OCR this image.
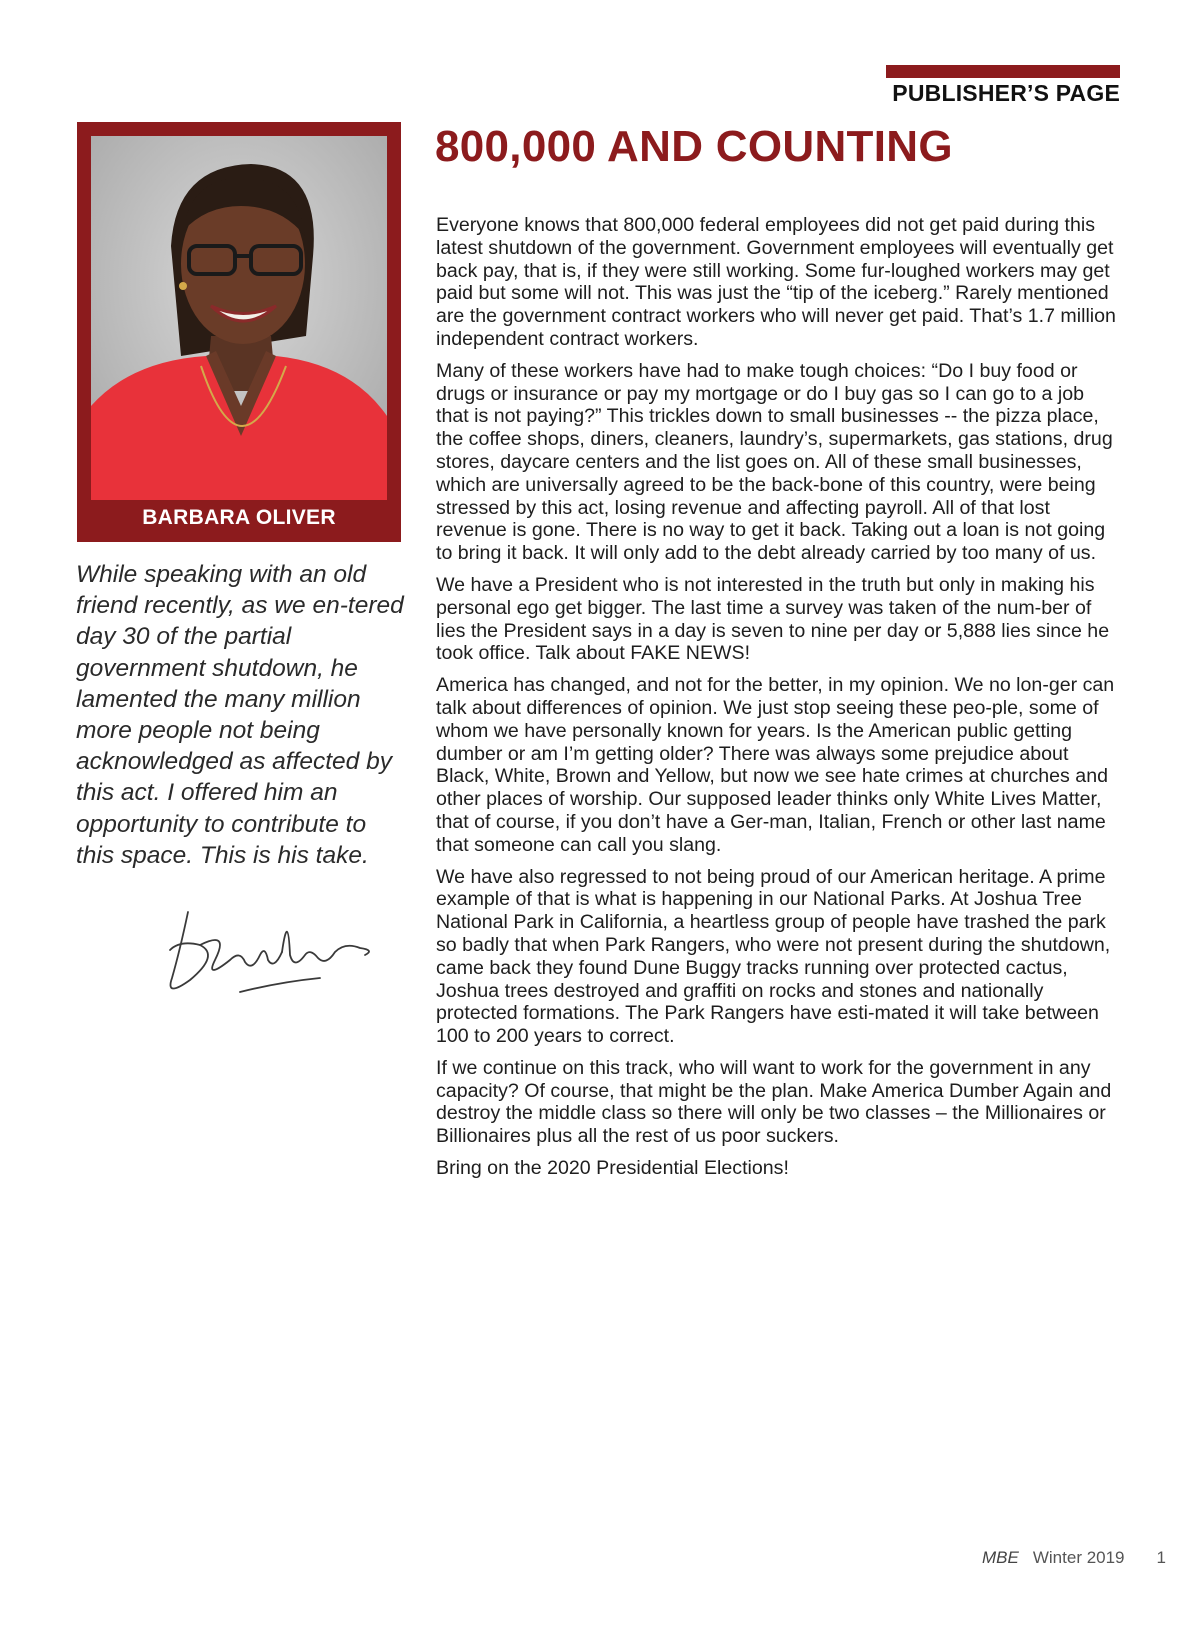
PUBLISHER’S PAGE
BARBARA OLIVER
While speaking with an old friend recently, as we en-tered day 30 of the partial government shutdown, he lamented the many million more people not being acknowledged as affected by this act. I offered him an opportunity to contribute to this space. This is his take.
800,000 AND COUNTING

Everyone knows that 800,000 federal employees did not get paid during this latest shutdown of the government. Government employees will eventually get back pay, that is, if they were still working. Some fur-loughed workers may get paid but some will not. This was just the “tip of the iceberg.” Rarely mentioned are the government contract workers who will never get paid. That’s 1.7 million independent contract workers.

Many of these workers have had to make tough choices: “Do I buy food or drugs or insurance or pay my mortgage or do I buy gas so I can go to a job that is not paying?” This trickles down to small businesses -- the pizza place, the coffee shops, diners, cleaners, laundry’s, supermarkets, gas stations, drug stores, daycare centers and the list goes on. All of these small businesses, which are universally agreed to be the back-bone of this country, were being stressed by this act, losing revenue and affecting payroll. All of that lost revenue is gone. There is no way to get it back. Taking out a loan is not going to bring it back. It will only add to the debt already carried by too many of us.

We have a President who is not interested in the truth but only in making his personal ego get bigger. The last time a survey was taken of the num-ber of lies the President says in a day is seven to nine per day or 5,888 lies since he took office. Talk about FAKE NEWS!

America has changed, and not for the better, in my opinion. We no lon-ger can talk about differences of opinion. We just stop seeing these peo-ple, some of whom we have personally known for years. Is the American public getting dumber or am I’m getting older? There was always some prejudice about Black, White, Brown and Yellow, but now we see hate crimes at churches and other places of worship. Our supposed leader thinks only White Lives Matter, that of course, if you don’t have a Ger-man, Italian, French or other last name that someone can call you slang.

We have also regressed to not being proud of our American heritage. A prime example of that is what is happening in our National Parks. At Joshua Tree National Park in California, a heartless group of people have trashed the park so badly that when Park Rangers, who were not present during the shutdown, came back they found Dune Buggy tracks running over protected cactus, Joshua trees destroyed and graffiti on rocks and stones and nationally protected formations. The Park Rangers have esti-mated it will take between 100 to 200 years to correct.

If we continue on this track, who will want to work for the government in any capacity? Of course, that might be the plan. Make America Dumber Again and destroy the middle class so there will only be two classes – the Millionaires or Billionaires plus all the rest of us poor suckers.

Bring on the 2020 Presidential Elections!

MBE Winter 2019 1
